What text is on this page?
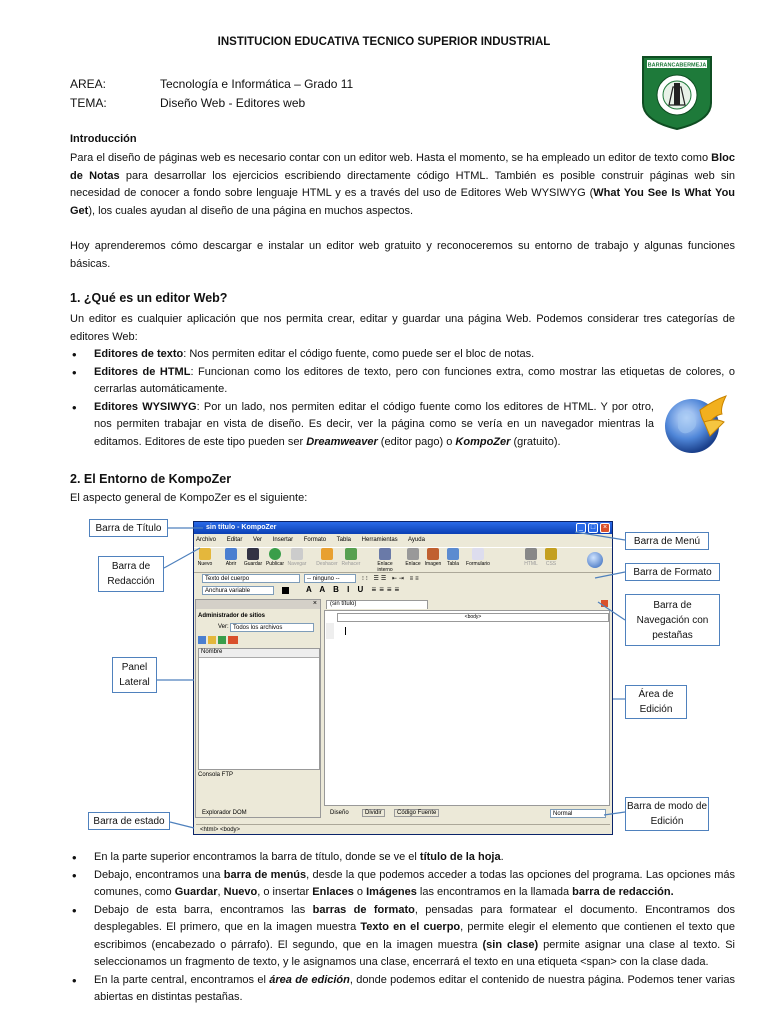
INSTITUCION EDUCATIVA TECNICO SUPERIOR INDUSTRIAL
AREA:	Tecnología e Informática – Grado 11
TEMA:	Diseño Web - Editores web
BARRANCABERMEJA
Introducción
Para el diseño de páginas web es necesario contar con un editor web. Hasta el momento, se ha empleado un editor de texto como Bloc de Notas para desarrollar los ejercicios escribiendo directamente código HTML. También es posible construir páginas web sin necesidad de conocer a fondo sobre lenguaje HTML y es a través del uso de Editores Web WYSIWYG (What You See Is What You Get), los cuales ayudan al diseño de una página en muchos aspectos.
Hoy aprenderemos cómo descargar e instalar un editor web gratuito y reconoceremos su entorno de trabajo y algunas funciones básicas.
1. ¿Qué es un editor Web?
Un editor es cualquier aplicación que nos permita crear, editar y guardar una página Web. Podemos considerar tres categorías de editores Web:
• Editores de texto: Nos permiten editar el código fuente, como puede ser el bloc de notas.
• Editores de HTML: Funcionan como los editores de texto, pero con funciones extra, como mostrar las etiquetas de colores, o cerrarlas automáticamente.
• Editores WYSIWYG: Por un lado, nos permiten editar el código fuente como los editores de HTML. Y por otro, nos permiten trabajar en vista de diseño. Es decir, ver la página como se vería en un navegador mientras la editamos. Editores de este tipo pueden ser Dreamweaver (editor pago) o KompoZer (gratuito).
2. El Entorno de KompoZer
El aspecto general de KompoZer es el siguiente:
sin título - KompoZer	_	□	×
Archivo Editar Ver Insertar Formato Tabla Herramientas Ayuda
Nuevo	Abrir	Guardar Publicar Navegar	Deshacer Rehacer	Enlace interno
Enlace Imagen	Tabla	Formulario	HTML	CSS
Texto del cuerpo	-- ninguno --	⁝⁝ ☰☰ ⇤⇥ ≡≡
Anchura variable	A A B I U ≡≡≡≡
×
Administrador de sitios
Ver: Todos los archivos
Nombre
Consola FTP
Explorador DOM
(sin título)
<body>
Diseño	Dividir	Código Fuente	Normal
<html> <body>
Barra de Título
Barra de Redacción
Panel Lateral
Barra de estado
Barra de Menú
Barra de Formato
Barra de Navegación con pestañas
Área de Edición
Barra de modo de Edición
• En la parte superior encontramos la barra de título, donde se ve el título de la hoja.
• Debajo, encontramos una barra de menús, desde la que podemos acceder a todas las opciones del programa. Las opciones más comunes, como Guardar, Nuevo, o insertar Enlaces o Imágenes las encontramos en la llamada barra de redacción.
• Debajo de esta barra, encontramos las barras de formato, pensadas para formatear el documento. Encontramos dos desplegables. El primero, que en la imagen muestra Texto en el cuerpo, permite elegir el elemento que contienen el texto que escribimos (encabezado o párrafo). El segundo, que en la imagen muestra (sin clase) permite asignar una clase al texto. Si seleccionamos un fragmento de texto, y le asignamos una clase, encerrará el texto en una etiqueta <span> con la clase dada.
• En la parte central, encontramos el área de edición, donde podemos editar el contenido de nuestra página. Podemos tener varias abiertas en distintas pestañas.
